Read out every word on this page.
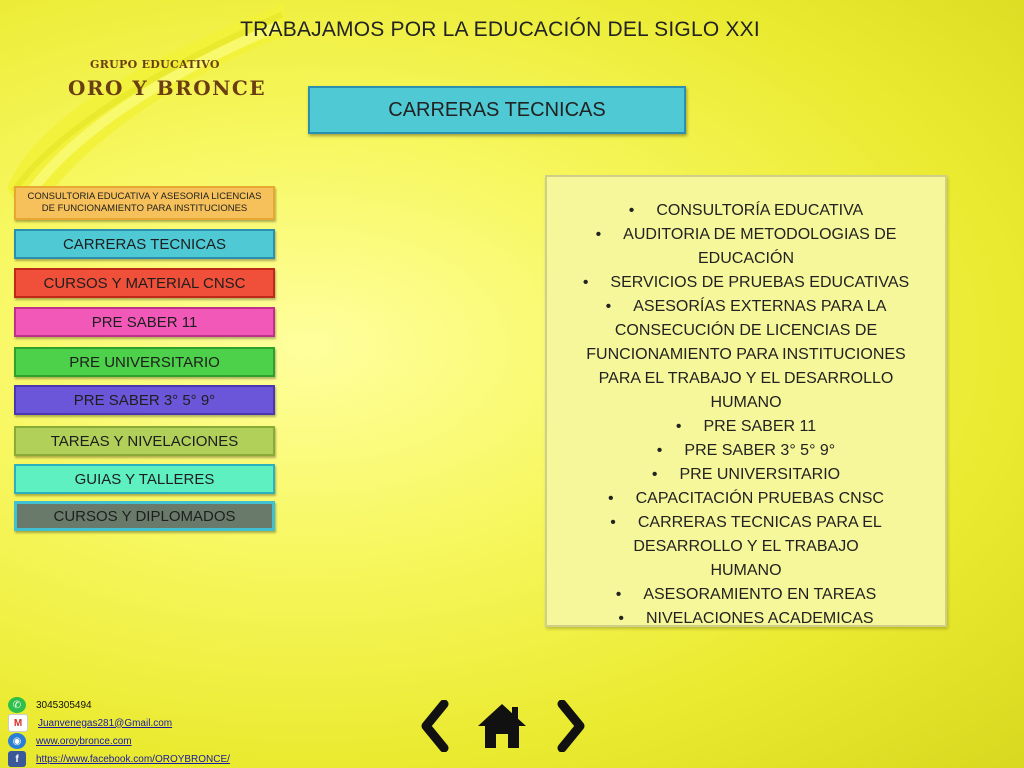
TRABAJAMOS POR LA EDUCACIÓN DEL SIGLO XXI
GRUPO EDUCATIVO
ORO Y BRONCE
CARRERAS TECNICAS
CONSULTORIA EDUCATIVA Y ASESORIA LICENCIAS DE FUNCIONAMIENTO PARA INSTITUCIONES
CARRERAS TECNICAS
CURSOS Y MATERIAL CNSC
PRE SABER 11
PRE UNIVERSITARIO
PRE SABER 3° 5° 9°
TAREAS Y NIVELACIONES
GUIAS Y TALLERES
CURSOS Y DIPLOMADOS
• CONSULTORÍA EDUCATIVA
• AUDITORIA DE METODOLOGIAS DE EDUCACIÓN
• SERVICIOS DE PRUEBAS EDUCATIVAS
• ASESORÍAS EXTERNAS PARA LA CONSECUCIÓN DE LICENCIAS DE FUNCIONAMIENTO PARA INSTITUCIONES PARA EL TRABAJO Y EL DESARROLLO HUMANO
• PRE SABER 11
• PRE SABER 3° 5° 9°
• PRE UNIVERSITARIO
• CAPACITACIÓN PRUEBAS CNSC
• CARRERAS TECNICAS PARA EL DESARROLLO Y EL TRABAJO HUMANO
• ASESORAMIENTO EN TAREAS
• NIVELACIONES ACADEMICAS
✆	3045305494
M	Juanvenegas281@Gmail.com
◉	www.oroybronce.com
f	https://www.facebook.com/OROYBRONCE/
